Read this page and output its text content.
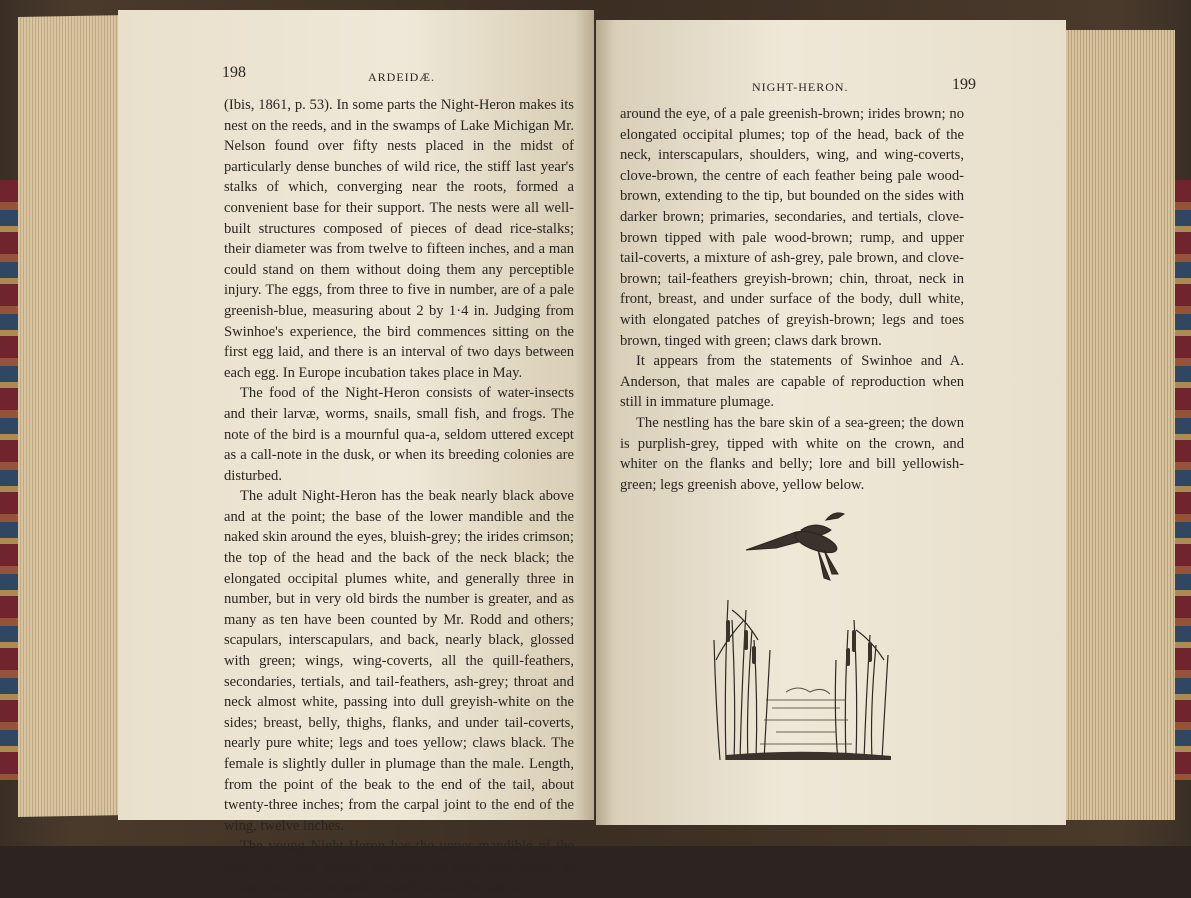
198	ARDEIDÆ.

(Ibis, 1861, p. 53). In some parts the Night-Heron makes its nest on the reeds, and in the swamps of Lake Michigan Mr. Nelson found over fifty nests placed in the midst of particularly dense bunches of wild rice, the stiff last year's stalks of which, converging near the roots, formed a convenient base for their support. The nests were all well-built structures composed of pieces of dead rice-stalks; their diameter was from twelve to fifteen inches, and a man could stand on them without doing them any perceptible injury. The eggs, from three to five in number, are of a pale greenish-blue, measuring about 2 by 1·4 in. Judging from Swinhoe's experience, the bird commences sitting on the first egg laid, and there is an interval of two days between each egg. In Europe incubation takes place in May.

The food of the Night-Heron consists of water-insects and their larvæ, worms, snails, small fish, and frogs. The note of the bird is a mournful qua-a, seldom uttered except as a call-note in the dusk, or when its breeding colonies are disturbed.

The adult Night-Heron has the beak nearly black above and at the point; the base of the lower mandible and the naked skin around the eyes, bluish-grey; the irides crimson; the top of the head and the back of the neck black; the elongated occipital plumes white, and generally three in number, but in very old birds the number is greater, and as many as ten have been counted by Mr. Rodd and others; scapulars, interscapulars, and back, nearly black, glossed with green; wings, wing-coverts, all the quill-feathers, secondaries, tertials, and tail-feathers, ash-grey; throat and neck almost white, passing into dull greyish-white on the sides; breast, belly, thighs, flanks, and under tail-coverts, nearly pure white; legs and toes yellow; claws black. The female is slightly duller in plumage than the male. Length, from the point of the beak to the end of the tail, about twenty-three inches; from the carpal joint to the end of the wing, twelve inches.

The young Night-Heron has the upper mandible of the beak of a dark brown, the edge on each side lighter in colour, and, like the under mandible and the naked skin

NIGHT-HERON.	199

around the eye, of a pale greenish-brown; irides brown; no elongated occipital plumes; top of the head, back of the neck, interscapulars, shoulders, wing, and wing-coverts, clove-brown, the centre of each feather being pale wood-brown, extending to the tip, but bounded on the sides with darker brown; primaries, secondaries, and tertials, clove-brown tipped with pale wood-brown; rump, and upper tail-coverts, a mixture of ash-grey, pale brown, and clove-brown; tail-feathers greyish-brown; chin, throat, neck in front, breast, and under surface of the body, dull white, with elongated patches of greyish-brown; legs and toes brown, tinged with green; claws dark brown.

It appears from the statements of Swinhoe and A. Anderson, that males are capable of reproduction when still in immature plumage.

The nestling has the bare skin of a sea-green; the down is purplish-grey, tipped with white on the crown, and whiter on the flanks and belly; lore and bill yellowish-green; legs greenish above, yellow below.
